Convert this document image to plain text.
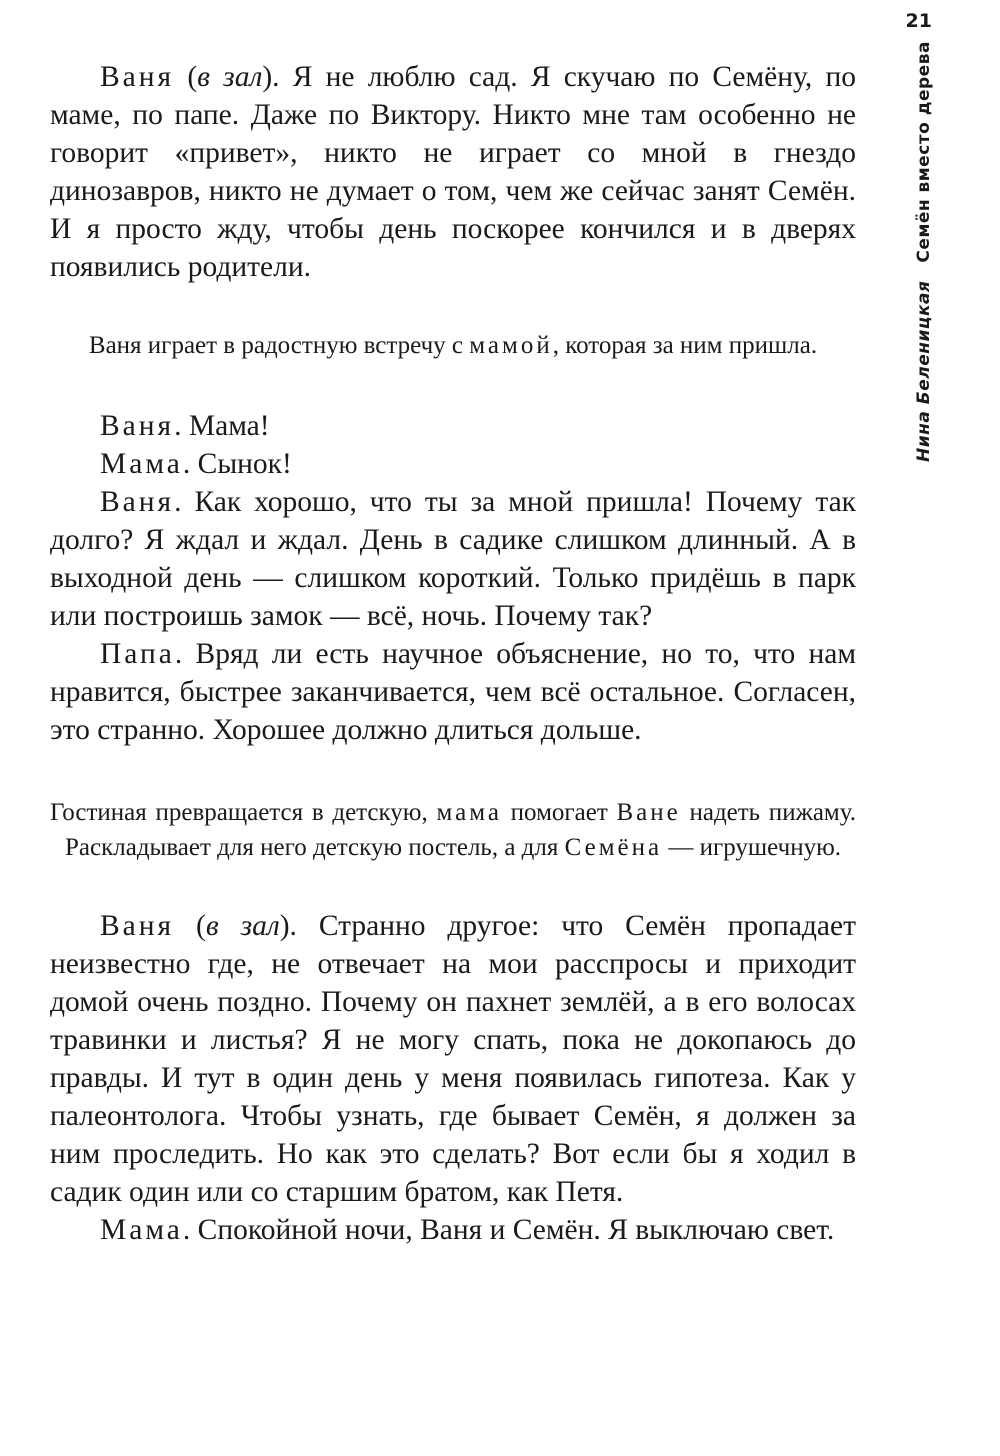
21
Нина БеленицкаяСемён вместо дерева

Ваня (в зал). Я не люблю сад. Я скучаю по Семёну, по маме, по папе. Даже по Виктору. Никто мне там особенно не говорит «привет», никто не играет со мной в гнездо динозавров, никто не думает о том, чем же сейчас занят Семён. И я просто жду, чтобы день поскорее кончился и в дверях появились родители.

Ваня играет в радостную встречу с мамой, которая за ним пришла.

Ваня. Мама!

Мама. Сынок!

Ваня. Как хорошо, что ты за мной пришла! Почему так долго? Я ждал и ждал. День в садике слишком длинный. А в выходной день — слишком короткий. Только придёшь в парк или построишь замок — всё, ночь. Почему так?

Папа. Вряд ли есть научное объяснение, но то, что нам нравится, быстрее заканчивается, чем всё остальное. Согласен, это странно. Хорошее должно длиться дольше.

Гостиная превращается в детскую, мама помогает Ване надеть пижаму. Раскладывает для него детскую постель, а для Семёна — игрушечную.

Ваня (в зал). Странно другое: что Семён пропадает неизвестно где, не отвечает на мои расспросы и приходит домой очень поздно. Почему он пахнет землёй, а в его волосах травинки и листья? Я не могу спать, пока не докопаюсь до правды. И тут в один день у меня появилась гипотеза. Как у палеонтолога. Чтобы узнать, где бывает Семён, я должен за ним проследить. Но как это сделать? Вот если бы я ходил в садик один или со старшим братом, как Петя.

Мама. Спокойной ночи, Ваня и Семён. Я выключаю свет.
